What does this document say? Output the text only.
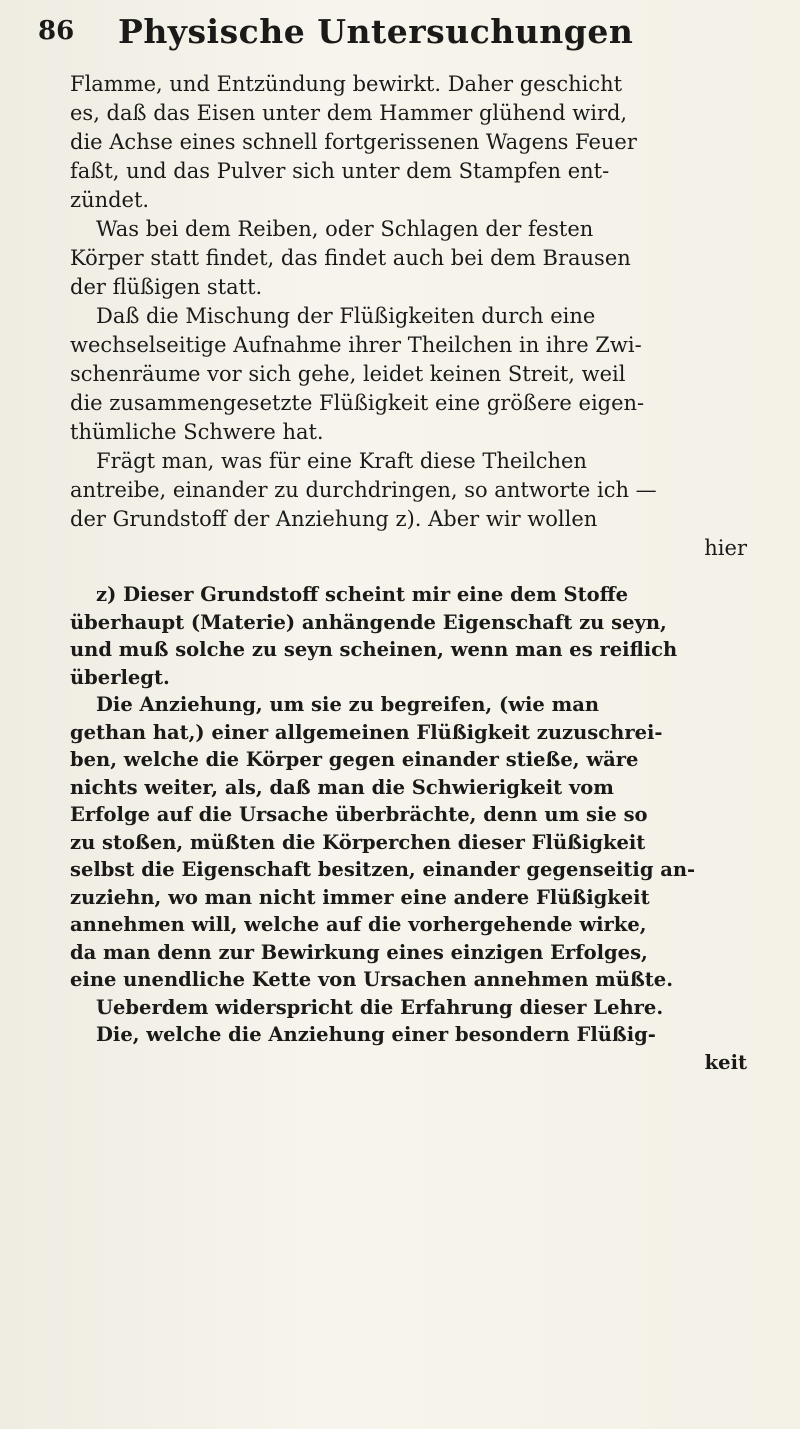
86 Physische Untersuchungen
Flamme, und Entzündung bewirkt. Daher geschicht
es, daß das Eisen unter dem Hammer glühend wird,
die Achse eines schnell fortgerissenen Wagens Feuer
faßt, und das Pulver sich unter dem Stampfen ent-
zündet.
Was bei dem Reiben, oder Schlagen der festen
Körper statt findet, das findet auch bei dem Brausen
der flüßigen statt.
Daß die Mischung der Flüßigkeiten durch eine
wechselseitige Aufnahme ihrer Theilchen in ihre Zwi-
schenräume vor sich gehe, leidet keinen Streit, weil
die zusammengesetzte Flüßigkeit eine größere eigen-
thümliche Schwere hat.
Frägt man, was für eine Kraft diese Theilchen
antreibe, einander zu durchdringen, so antworte ich —
der Grundstoff der Anziehung z). Aber wir wollen
hier
z) Dieser Grundstoff scheint mir eine dem Stoffe
überhaupt (Materie) anhängende Eigenschaft zu seyn,
und muß solche zu seyn scheinen, wenn man es reiflich
überlegt.
Die Anziehung, um sie zu begreifen, (wie man
gethan hat,) einer allgemeinen Flüßigkeit zuzuschrei-
ben, welche die Körper gegen einander stieße, wäre
nichts weiter, als, daß man die Schwierigkeit vom
Erfolge auf die Ursache überbrächte, denn um sie so
zu stoßen, müßten die Körperchen dieser Flüßigkeit
selbst die Eigenschaft besitzen, einander gegenseitig an-
zuziehn, wo man nicht immer eine andere Flüßigkeit
annehmen will, welche auf die vorhergehende wirke,
da man denn zur Bewirkung eines einzigen Erfolges,
eine unendliche Kette von Ursachen annehmen müßte.
Ueberdem widerspricht die Erfahrung dieser Lehre.
Die, welche die Anziehung einer besondern Flüßig-
keit
